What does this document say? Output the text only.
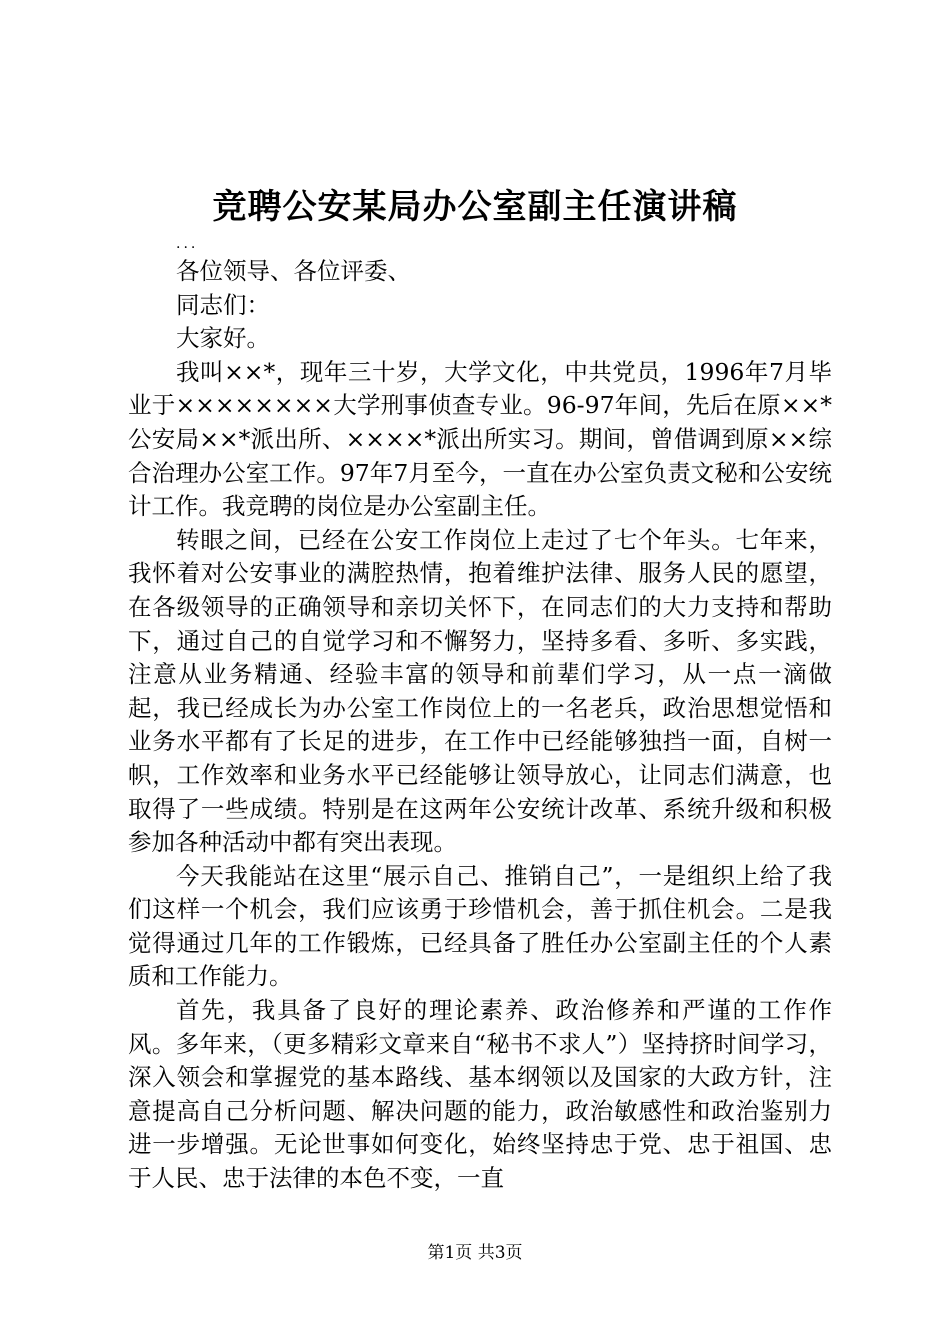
竞聘公安某局办公室副主任演讲稿

...

各位领导、各位评委、

同志们：

大家好。

我叫××*，现年三十岁，大学文化，中共党员，1996年7月毕业于××××××××大学刑事侦查专业。96-97年间，先后在原××*公安局××*派出所、××××*派出所实习。期间，曾借调到原××综合治理办公室工作。97年7月至今，一直在办公室负责文秘和公安统计工作。我竞聘的岗位是办公室副主任。

转眼之间，已经在公安工作岗位上走过了七个年头。七年来，我怀着对公安事业的满腔热情，抱着维护法律、服务人民的愿望，在各级领导的正确领导和亲切关怀下，在同志们的大力支持和帮助下，通过自己的自觉学习和不懈努力，坚持多看、多听、多实践，注意从业务精通、经验丰富的领导和前辈们学习，从一点一滴做起，我已经成长为办公室工作岗位上的一名老兵，政治思想觉悟和业务水平都有了长足的进步，在工作中已经能够独挡一面，自树一帜，工作效率和业务水平已经能够让领导放心，让同志们满意，也取得了一些成绩。特别是在这两年公安统计改革、系统升级和积极参加各种活动中都有突出表现。

今天我能站在这里“展示自己、推销自己”，一是组织上给了我们这样一个机会，我们应该勇于珍惜机会，善于抓住机会。二是我觉得通过几年的工作锻炼，已经具备了胜任办公室副主任的个人素质和工作能力。

首先，我具备了良好的理论素养、政治修养和严谨的工作作风。多年来，（更多精彩文章来自“秘书不求人”）坚持挤时间学习，深入领会和掌握党的基本路线、基本纲领以及国家的大政方针，注意提高自己分析问题、解决问题的能力，政治敏感性和政治鉴别力进一步增强。无论世事如何变化，始终坚持忠于党、忠于祖国、忠于人民、忠于法律的本色不变，一直

第1页 共3页
